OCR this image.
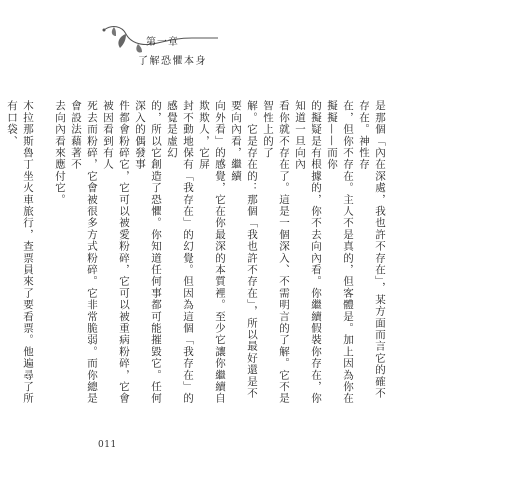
第一章
了解恐懼本身

是那個「內在深處，我也許不存在」，某方面而言它的確不存在。神性存

在，但你不存在。主人不是真的，但客體是。加上因為你在擬擬——而你

的擬疑是有根據的，你不去向內看。你繼續假裝你存在，你知道一旦向內

看你就不存在了。這是一個深入、不需明言的了解。它不是智性上的了

解。它是存在的：那個「我也許不存在」，所以最好還是不要向內看，繼續

向外看」的感覺，它在你最深的本質裡。至少它讓你繼續自欺欺人，它屏

封不動地保有「我存在」的幻覺。但因為這個「我存在」的感覺是虛幻

的，所以它創造了恐懼。你知道任何事都可能摧毀它。任何深入的偶發事

件都會粉碎它，它可以被愛粉碎，它可以被重病粉碎，它會被因看到有人

死去而粉碎，它會被很多方式粉碎。它非常脆弱。而你總是會設法藉著不

去向內看來應付它。

木拉那斯魯丁坐火車旅行，查票員來了要看票。他遍尋了所有口袋、

011
